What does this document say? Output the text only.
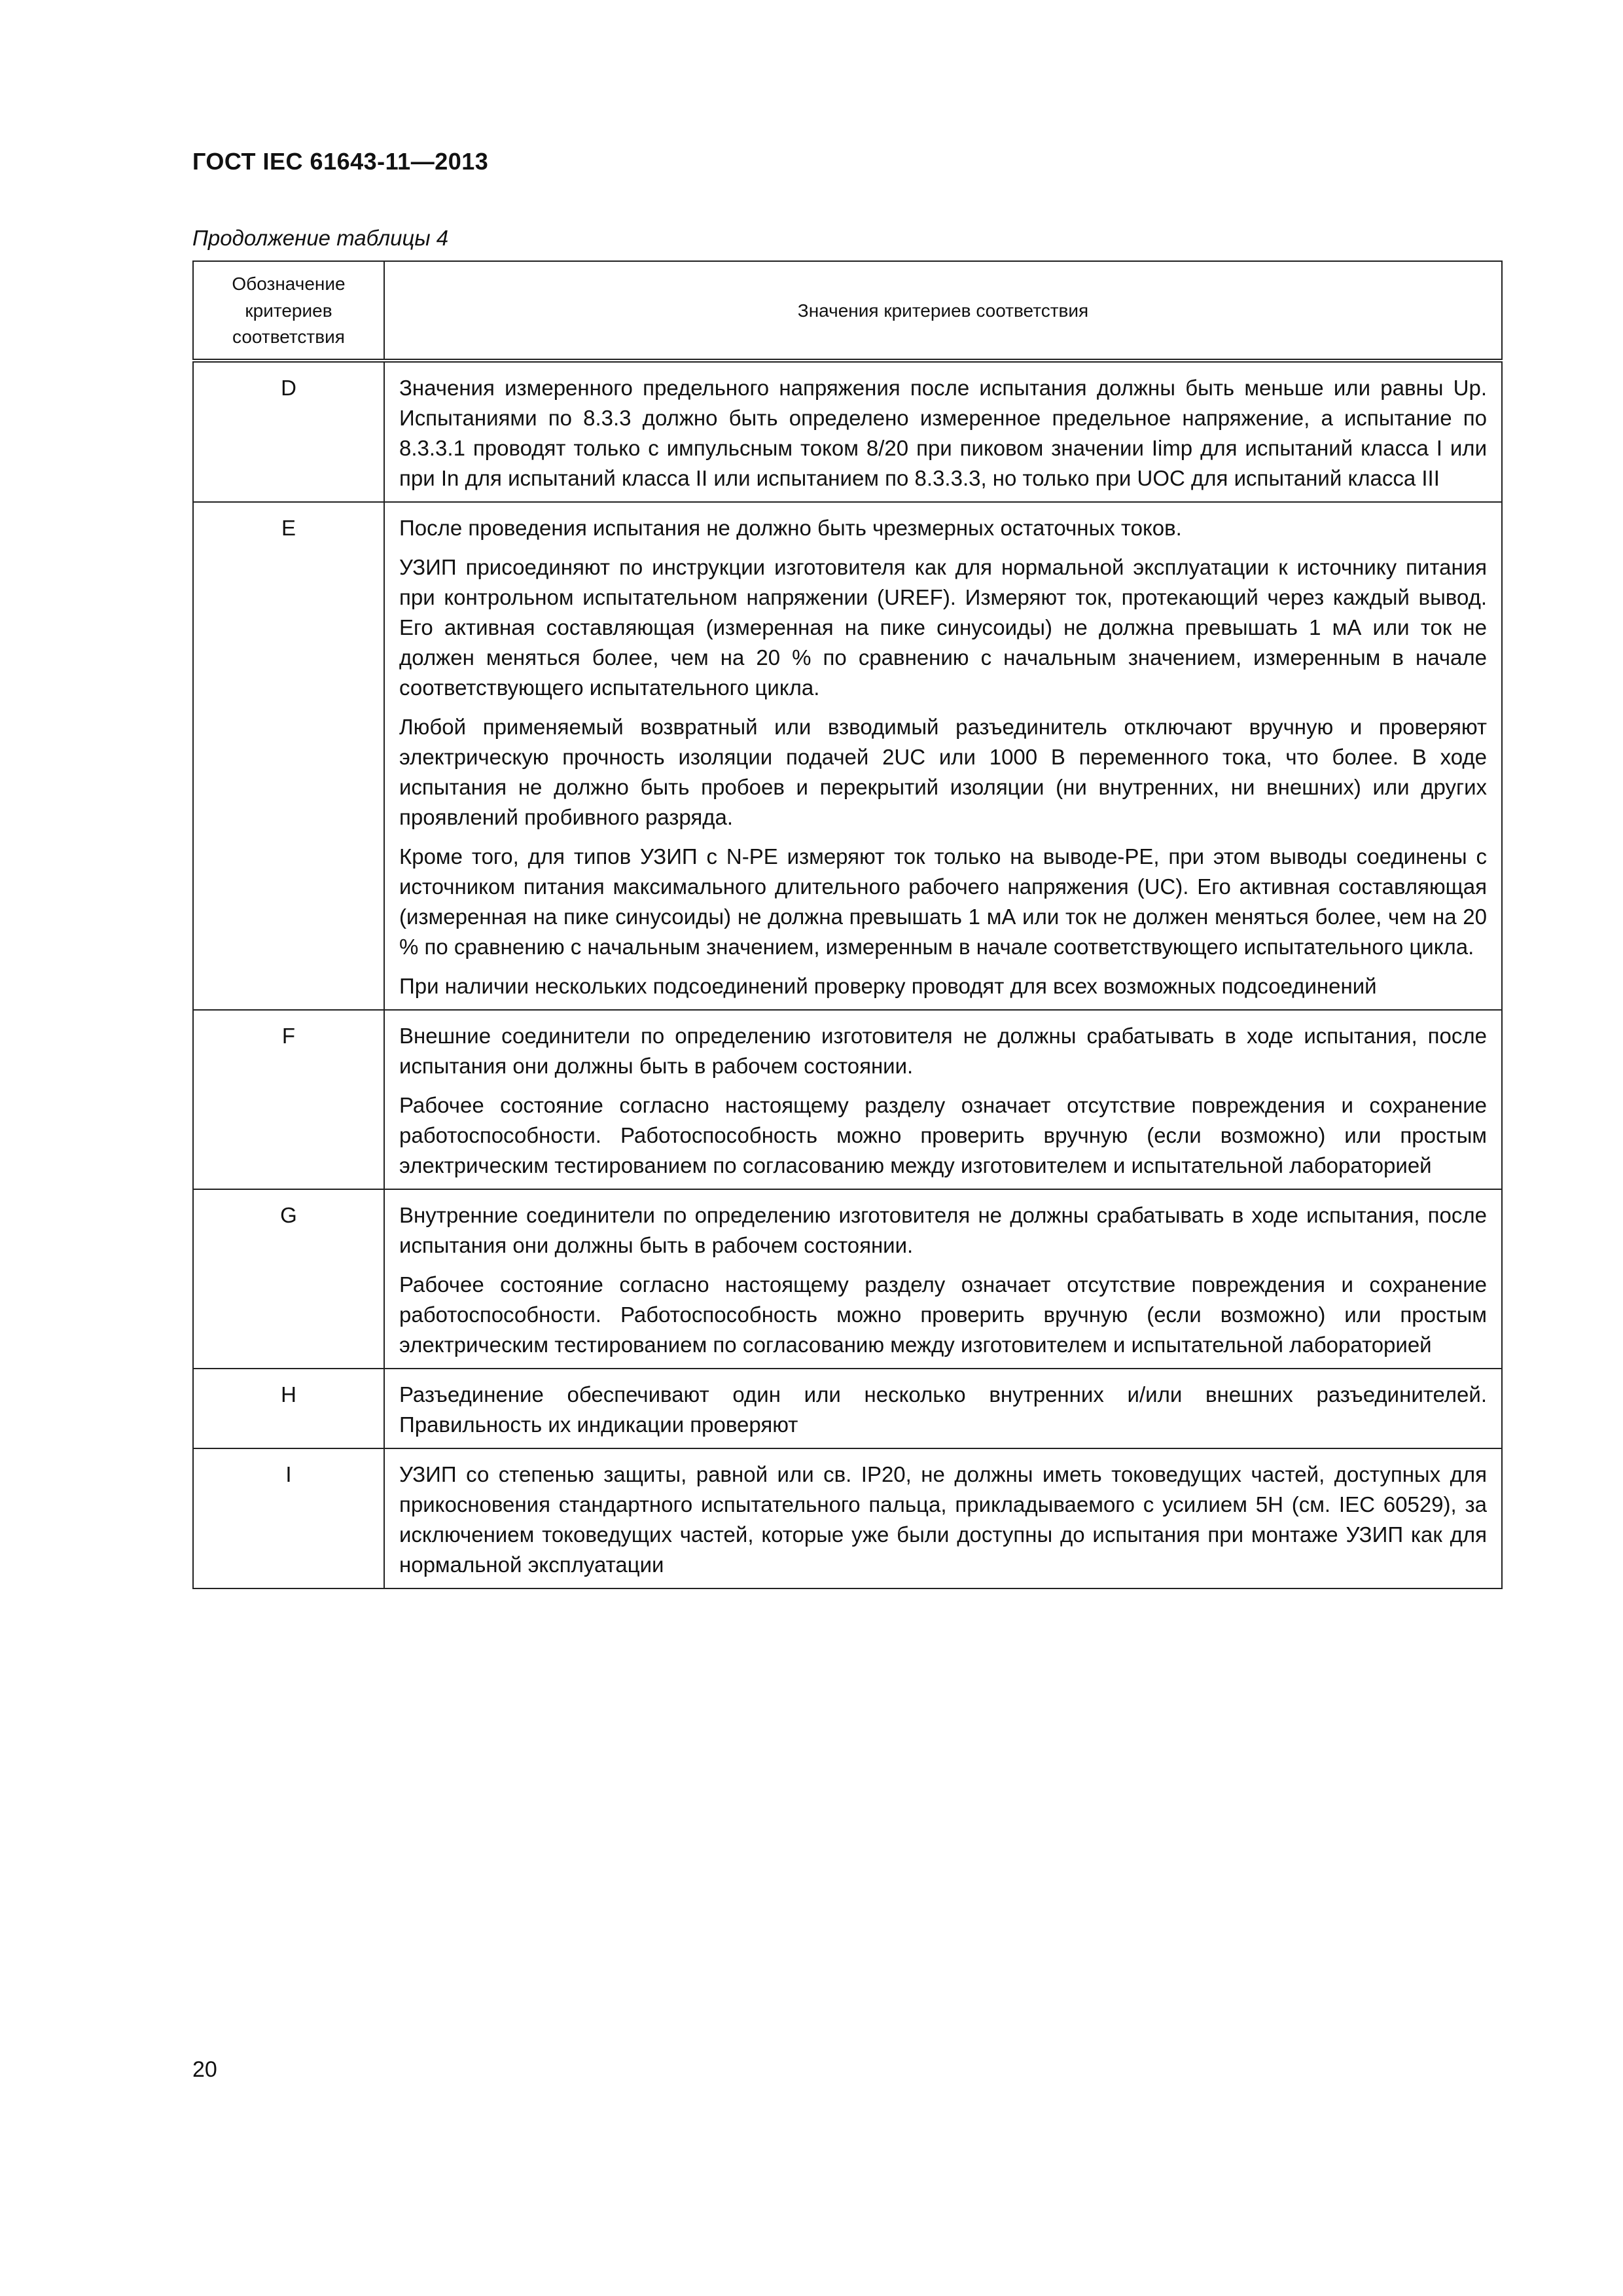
ГОСТ IEC 61643-11—2013
Продолжение таблицы 4
Обозначение критериев соответствия	Значения критериев соответствия
D	Значения измеренного предельного напряжения после испытания должны быть меньше или равны Up. Испытаниями по 8.3.3 должно быть определено измеренное предельное напряжение, а испытание по 8.3.3.1 проводят только с импульсным током 8/20 при пиковом значении Iimp для испытаний класса I или при In для испытаний класса II или испытанием по 8.3.3.3, но только при UOC для испытаний класса III

E	После проведения испытания не должно быть чрезмерных остаточных токов.

УЗИП присоединяют по инструкции изготовителя как для нормальной эксплуатации к источнику питания при контрольном испытательном напряжении (UREF). Измеряют ток, протекающий через каждый вывод. Его активная составляющая (измеренная на пике синусоиды) не должна превышать 1 мА или ток не должен меняться более, чем на 20 % по сравнению с начальным значением, измеренным в начале соответствующего испытательного цикла.

Любой применяемый возвратный или взводимый разъединитель отключают вручную и проверяют электрическую прочность изоляции подачей 2UC или 1000 В переменного тока, что более. В ходе испытания не должно быть пробоев и перекрытий изоляции (ни внутренних, ни внешних) или других проявлений пробивного разряда.

Кроме того, для типов УЗИП с N-PE измеряют ток только на выводе-PE, при этом выводы соединены с источником питания максимального длительного рабочего напряжения (UC). Его активная составляющая (измеренная на пике синусоиды) не должна превышать 1 мА или ток не должен меняться более, чем на 20 % по сравнению с начальным значением, измеренным в начале соответствующего испытательного цикла.

При наличии нескольких подсоединений проверку проводят для всех возможных подсоединений

F	Внешние соединители по определению изготовителя не должны срабатывать в ходе испытания, после испытания они должны быть в рабочем состоянии.

Рабочее состояние согласно настоящему разделу означает отсутствие повреждения и сохранение работоспособности. Работоспособность можно проверить вручную (если возможно) или простым электрическим тестированием по согласованию между изготовителем и испытательной лабораторией

G	Внутренние соединители по определению изготовителя не должны срабатывать в ходе испытания, после испытания они должны быть в рабочем состоянии.

Рабочее состояние согласно настоящему разделу означает отсутствие повреждения и сохранение работоспособности. Работоспособность можно проверить вручную (если возможно) или простым электрическим тестированием по согласованию между изготовителем и испытательной лабораторией

H	Разъединение обеспечивают один или несколько внутренних и/или внешних разъединителей. Правильность их индикации проверяют

I	УЗИП со степенью защиты, равной или св. IP20, не должны иметь токоведущих частей, доступных для прикосновения стандартного испытательного пальца, прикладываемого с усилием 5Н (см. IEC 60529), за исключением токоведущих частей, которые уже были доступны до испытания при монтаже УЗИП как для нормальной эксплуатации

20
